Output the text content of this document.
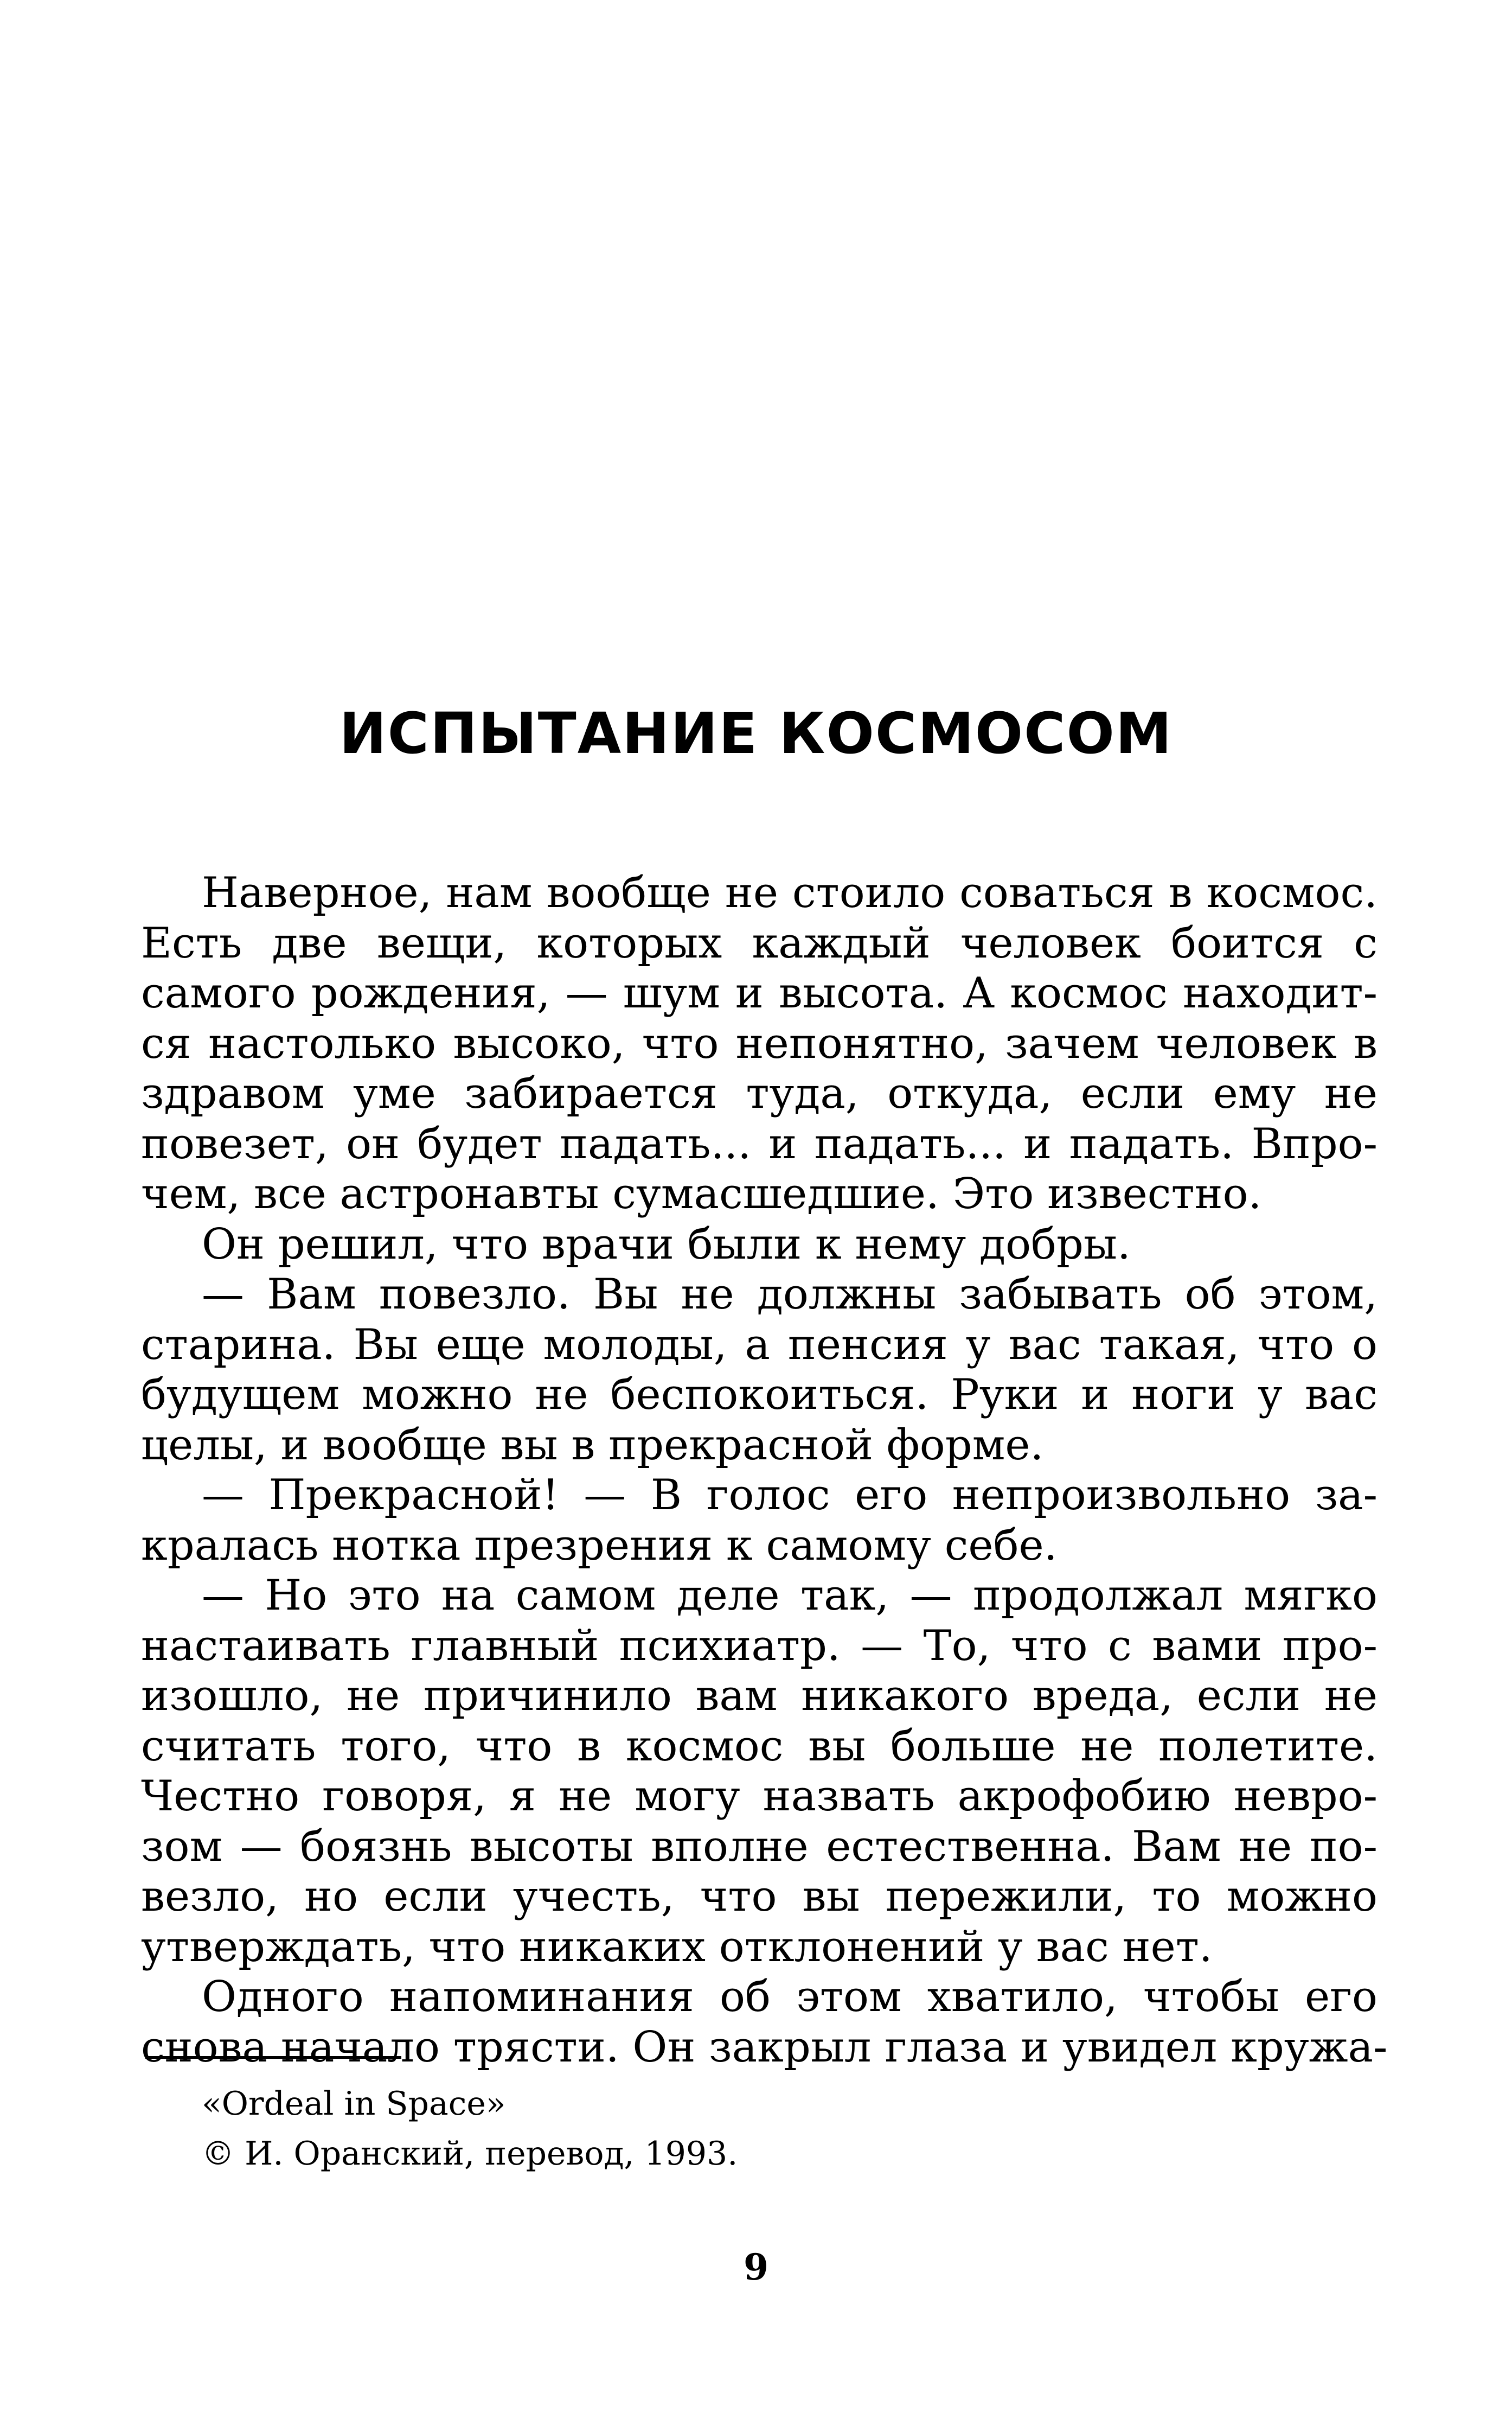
ИСПЫТАНИЕ КОСМОСОМ
Наверное, нам вообще не стоило соваться в космос.
Есть две вещи, которых каждый человек боится с
самого рождения, — шум и высота. А космос находит-
ся настолько высоко, что непонятно, зачем человек в
здравом уме забирается туда, откуда, если ему не
повезет, он будет падать... и падать... и падать. Впро-
чем, все астронавты сумасшедшие. Это известно.
Он решил, что врачи были к нему добры.
— Вам повезло. Вы не должны забывать об этом,
старина. Вы еще молоды, а пенсия у вас такая, что о
будущем можно не беспокоиться. Руки и ноги у вас
целы, и вообще вы в прекрасной форме.
— Прекрасной! — В голос его непроизвольно за-
кралась нотка презрения к самому себе.
— Но это на самом деле так, — продолжал мягко
настаивать главный психиатр. — То, что с вами про-
изошло, не причинило вам никакого вреда, если не
считать того, что в космос вы больше не полетите.
Честно говоря, я не могу назвать акрофобию невро-
зом — боязнь высоты вполне естественна. Вам не по-
везло, но если учесть, что вы пережили, то можно
утверждать, что никаких отклонений у вас нет.
Одного напоминания об этом хватило, чтобы его
снова начало трясти. Он закрыл глаза и увидел кружа-
«Ordeal in Space»
© И. Оранский, перевод, 1993.
9
